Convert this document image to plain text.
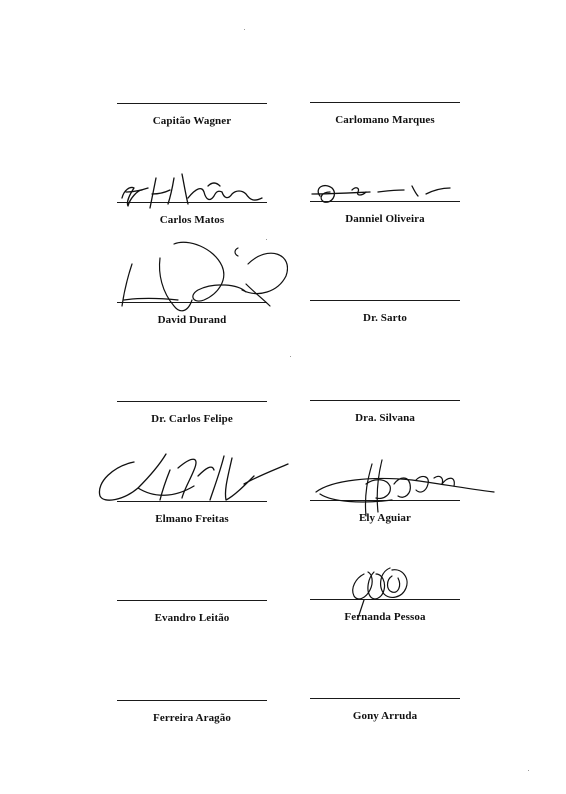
Capitão Wagner	Carlomano Marques
Carlos Matos	Danniel Oliveira
David Durand	Dr. Sarto
Dr. Carlos Felipe	Dra. Silvana
Elmano Freitas	Ely Aguiar
Evandro Leitão	Fernanda Pessoa
Ferreira Aragão	Gony Arruda
